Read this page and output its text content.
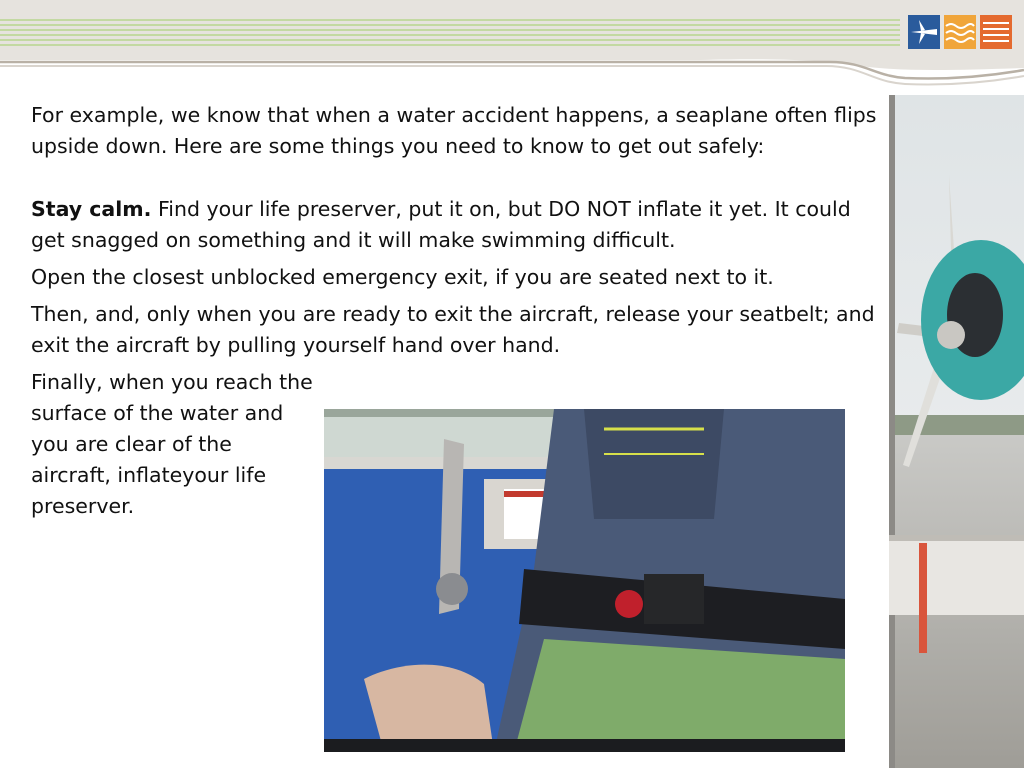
For example, we know that when a water accident happens, a seaplane often flips upside down. Here are some things you need to know to get out safely:

Stay calm. Find your life preserver, put it on, but DO NOT inflate it yet. It could get snagged on something and it will make swimming difficult.

Open the closest unblocked emergency exit, if you are seated next to it.

Then, and, only when you are ready to exit the aircraft, release your seatbelt; and exit the aircraft by pulling yourself hand over hand.

Finally, when you reach the surface of the water and you are clear of the aircraft, inflateyour life preserver.
